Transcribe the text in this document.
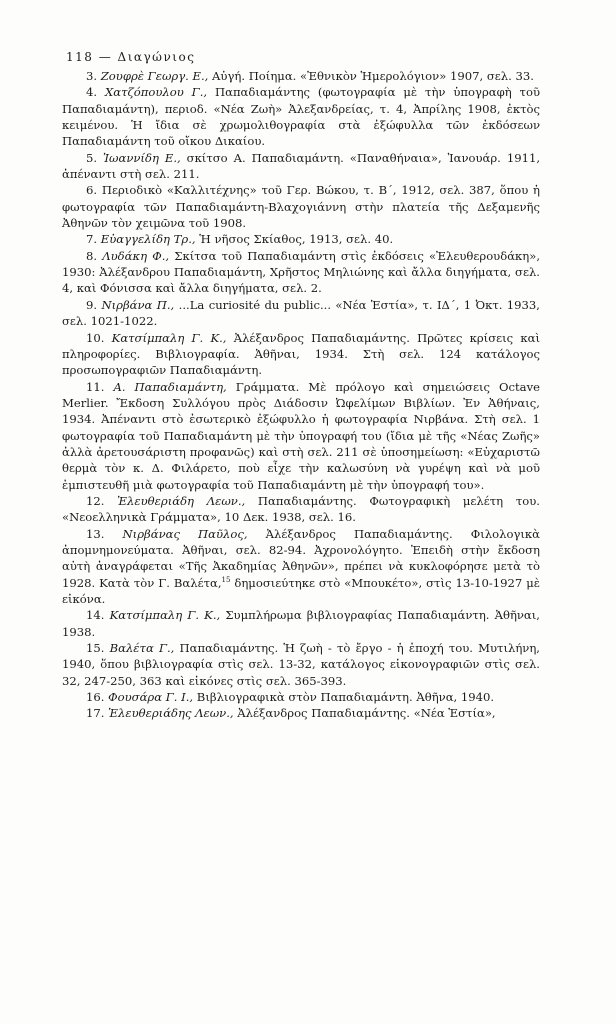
118 — Διαγώνιος
3. Ζουφρὲ Γεωργ. Ε., Αὐγή. Ποίημα. «Ἐθνικὸν Ἡμερολόγιον» 1907, σελ. 33.
4. Χατζόπουλου Γ., Παπαδιαμάντης (φωτογραφία μὲ τὴν ὑπογραφὴ τοῦ Παπαδιαμάντη), περιοδ. «Νέα Ζωὴ» Ἀλεξανδρείας, τ. 4, Ἀπρίλης 1908, ἐκτὸς κειμένου. Ἡ ἴδια σὲ χρωμολιθογραφία στὰ ἐξώφυλλα τῶν ἐκδόσεων Παπαδιαμάντη τοῦ οἴκου Δικαίου.
5. Ἰωαννίδη Ε., σκίτσο Α. Παπαδιαμάντη. «Παναθήναια», Ἰανουάρ. 1911, ἀπέναντι στὴ σελ. 211.
6. Περιοδικὸ «Καλλιτέχνης» τοῦ Γερ. Βώκου, τ. Β΄, 1912, σελ. 387, ὅπου ἡ φωτογραφία τῶν Παπαδιαμάντη-Βλαχογιάννη στὴν πλατεία τῆς Δεξαμενῆς Ἀθηνῶν τὸν χειμῶνα τοῦ 1908.
7. Εὐαγγελίδη Τρ., Ἡ νῆσος Σκίαθος, 1913, σελ. 40.
8. Λυδάκη Φ., Σκίτσα τοῦ Παπαδιαμάντη στὶς ἐκδόσεις «Ἐλευθερουδάκη», 1930: Ἀλέξανδρου Παπαδιαμάντη, Χρῆστος Μηλιώνης καὶ ἄλλα διηγήματα, σελ. 4, καὶ Φόνισσα καὶ ἄλλα διηγήματα, σελ. 2.
9. Νιρβάνα Π., ...La curiosité du public... «Νέα Ἑστία», τ. ΙΔ΄, 1 Ὀκτ. 1933, σελ. 1021-1022.
10. Κατσίμπαλη Γ. Κ., Ἀλέξανδρος Παπαδιαμάντης. Πρῶτες κρίσεις καὶ πληροφορίες. Βιβλιογραφία. Ἀθῆναι, 1934. Στὴ σελ. 124 κατάλογος προσωπογραφιῶν Παπαδιαμάντη.
11. Α. Παπαδιαμάντη, Γράμματα. Μὲ πρόλογο καὶ σημειώσεις Octave Merlier. Ἔκδοση Συλλόγου πρὸς Διάδοσιν Ὠφελίμων Βιβλίων. Ἐν Ἀθήναις, 1934. Ἀπέναντι στὸ ἐσωτερικὸ ἐξώφυλλο ἡ φωτογραφία Νιρβάνα. Στὴ σελ. 1 φωτογραφία τοῦ Παπαδιαμάντη μὲ τὴν ὑπογραφή του (ἴδια μὲ τῆς «Νέας Ζωῆς» ἀλλὰ ἀρετουσάριστη προφανῶς) καὶ στὴ σελ. 211 σὲ ὑποσημείωση: «Εὐχαριστῶ θερμὰ τὸν κ. Δ. Φιλάρετο, ποὺ εἶχε τὴν καλωσύνη νὰ γυρέψη καὶ νὰ μοῦ ἐμπιστευθῆ μιὰ φωτογραφία τοῦ Παπαδιαμάντη μὲ τὴν ὑπογραφή του».
12. Ἐλευθεριάδη Λεων., Παπαδιαμάντης. Φωτογραφικὴ μελέτη του. «Νεοελληνικὰ Γράμματα», 10 Δεκ. 1938, σελ. 16.
13. Νιρβάνας Παῦλος, Ἀλέξανδρος Παπαδιαμάντης. Φιλολογικὰ ἀπομνημονεύματα. Ἀθῆναι, σελ. 82-94. Ἀχρονολόγητο. Ἐπειδὴ στὴν ἔκδοση αὐτὴ ἀναγράφεται «Τῆς Ἀκαδημίας Ἀθηνῶν», πρέπει νὰ κυκλοφόρησε μετὰ τὸ 1928. Κατὰ τὸν Γ. Βαλέτα,$^{15}$ δημοσιεύτηκε στὸ «Μπουκέτο», στὶς 13-10-1927 μὲ εἰκόνα.
14. Κατσίμπαλη Γ. Κ., Συμπλήρωμα βιβλιογραφίας Παπαδιαμάντη. Ἀθῆναι, 1938.
15. Βαλέτα Γ., Παπαδιαμάντης. Ἡ ζωὴ - τὸ ἔργο - ἡ ἐποχή του. Μυτιλήνη, 1940, ὅπου βιβλιογραφία στὶς σελ. 13-32, κατάλογος εἰκονογραφιῶν στὶς σελ. 32, 247-250, 363 καὶ εἰκόνες στὶς σελ. 365-393.
16. Φουσάρα Γ. Ι., Βιβλιογραφικὰ στὸν Παπαδιαμάντη. Ἀθῆνα, 1940.
17. Ἐλευθεριάδης Λεων., Ἀλέξανδρος Παπαδιαμάντης. «Νέα Ἑστία»,
